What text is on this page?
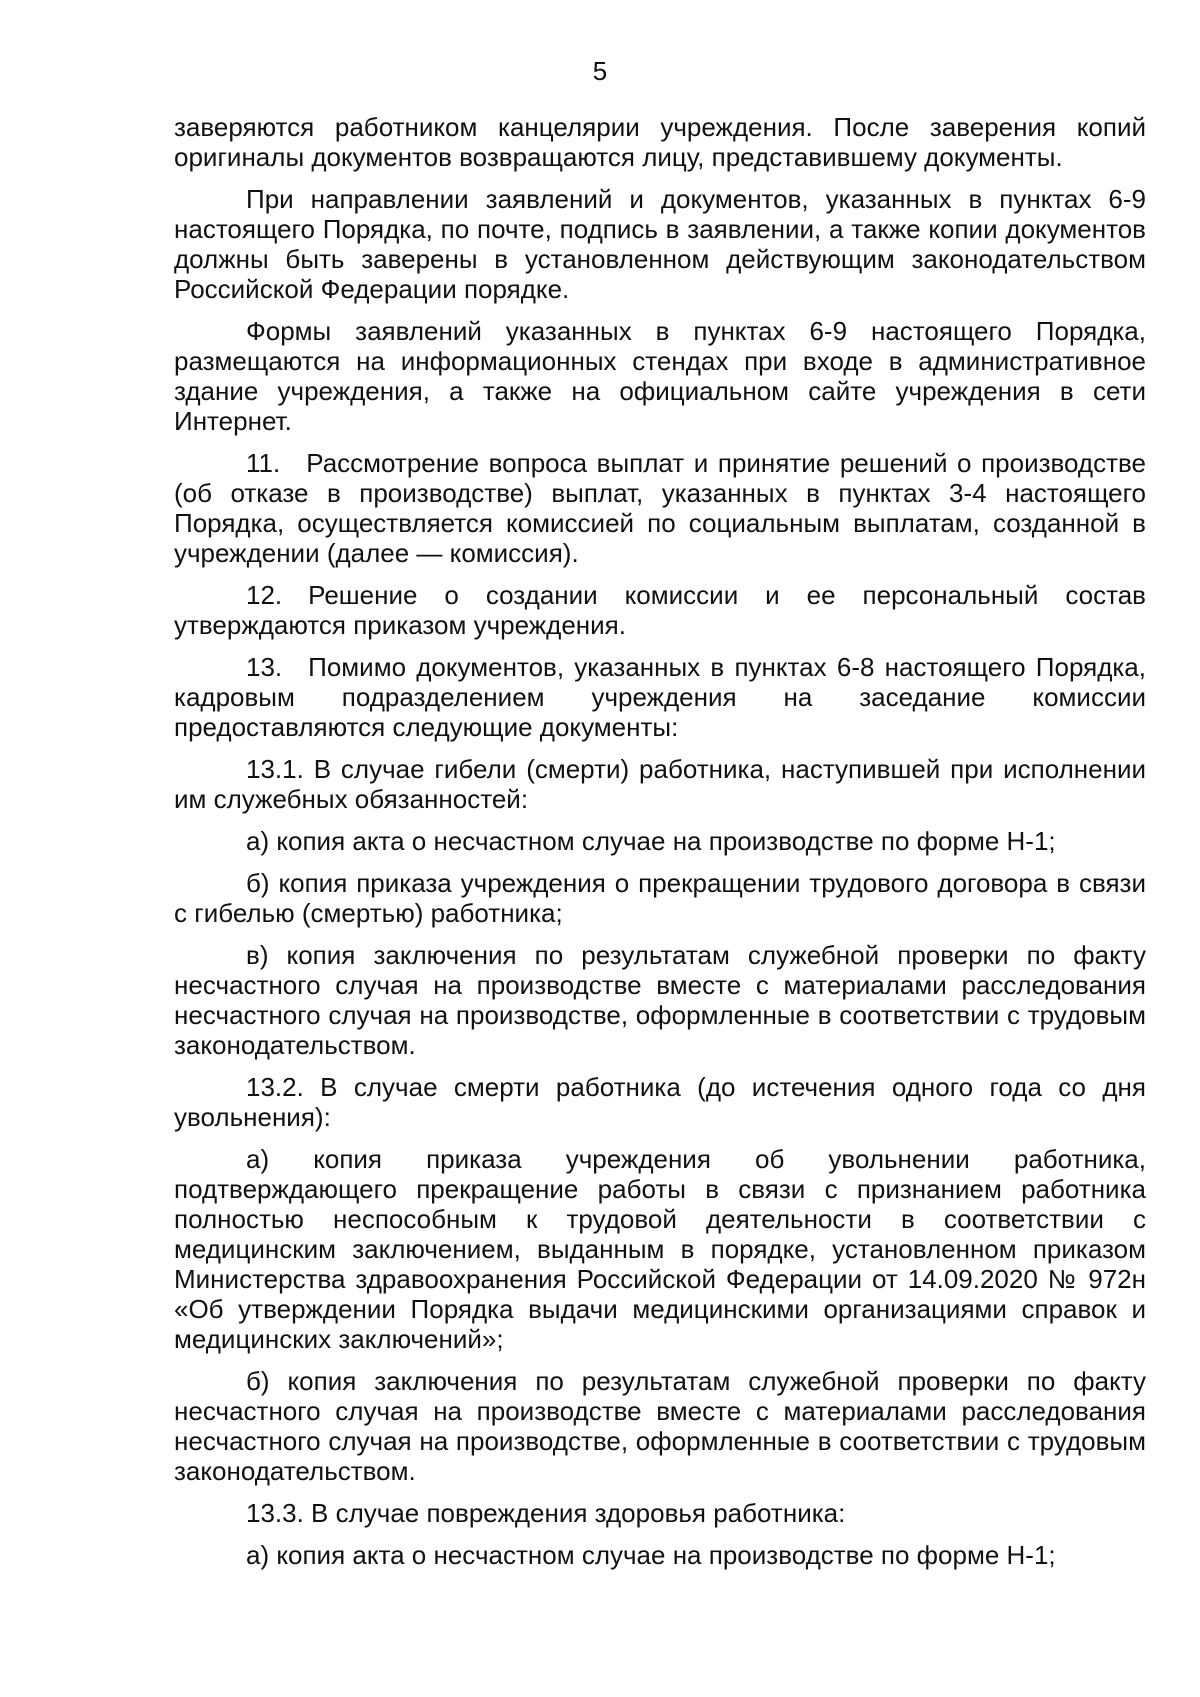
5

заверяются работником канцелярии учреждения. После заверения копий оригиналы документов возвращаются лицу, представившему документы.

При направлении заявлений и документов, указанных в пунктах 6-9 настоящего Порядка, по почте, подпись в заявлении, а также копии документов должны быть заверены в установленном действующим законодательством Российской Федерации порядке.

Формы заявлений указанных в пунктах 6-9 настоящего Порядка, размещаются на информационных стендах при входе в административное здание учреждения, а также на официальном сайте учреждения в сети Интернет.

11. Рассмотрение вопроса выплат и принятие решений о производстве (об отказе в производстве) выплат, указанных в пунктах 3-4 настоящего Порядка, осуществляется комиссией по социальным выплатам, созданной в учреждении (далее — комиссия).

12. Решение о создании комиссии и ее персональный состав утверждаются приказом учреждения.

13. Помимо документов, указанных в пунктах 6-8 настоящего Порядка, кадровым подразделением учреждения на заседание комиссии предоставляются следующие документы:

13.1. В случае гибели (смерти) работника, наступившей при исполнении им служебных обязанностей:

а) копия акта о несчастном случае на производстве по форме Н-1;

б) копия приказа учреждения о прекращении трудового договора в связи с гибелью (смертью) работника;

в) копия заключения по результатам служебной проверки по факту несчастного случая на производстве вместе с материалами расследования несчастного случая на производстве, оформленные в соответствии с трудовым законодательством.

13.2. В случае смерти работника (до истечения одного года со дня увольнения):

а) копия приказа учреждения об увольнении работника, подтверждающего прекращение работы в связи с признанием работника полностью неспособным к трудовой деятельности в соответствии с медицинским заключением, выданным в порядке, установленном приказом Министерства здравоохранения Российской Федерации от 14.09.2020 № 972н «Об утверждении Порядка выдачи медицинскими организациями справок и медицинских заключений»;

б) копия заключения по результатам служебной проверки по факту несчастного случая на производстве вместе с материалами расследования несчастного случая на производстве, оформленные в соответствии с трудовым законодательством.

13.3. В случае повреждения здоровья работника:

а) копия акта о несчастном случае на производстве по форме Н-1;
